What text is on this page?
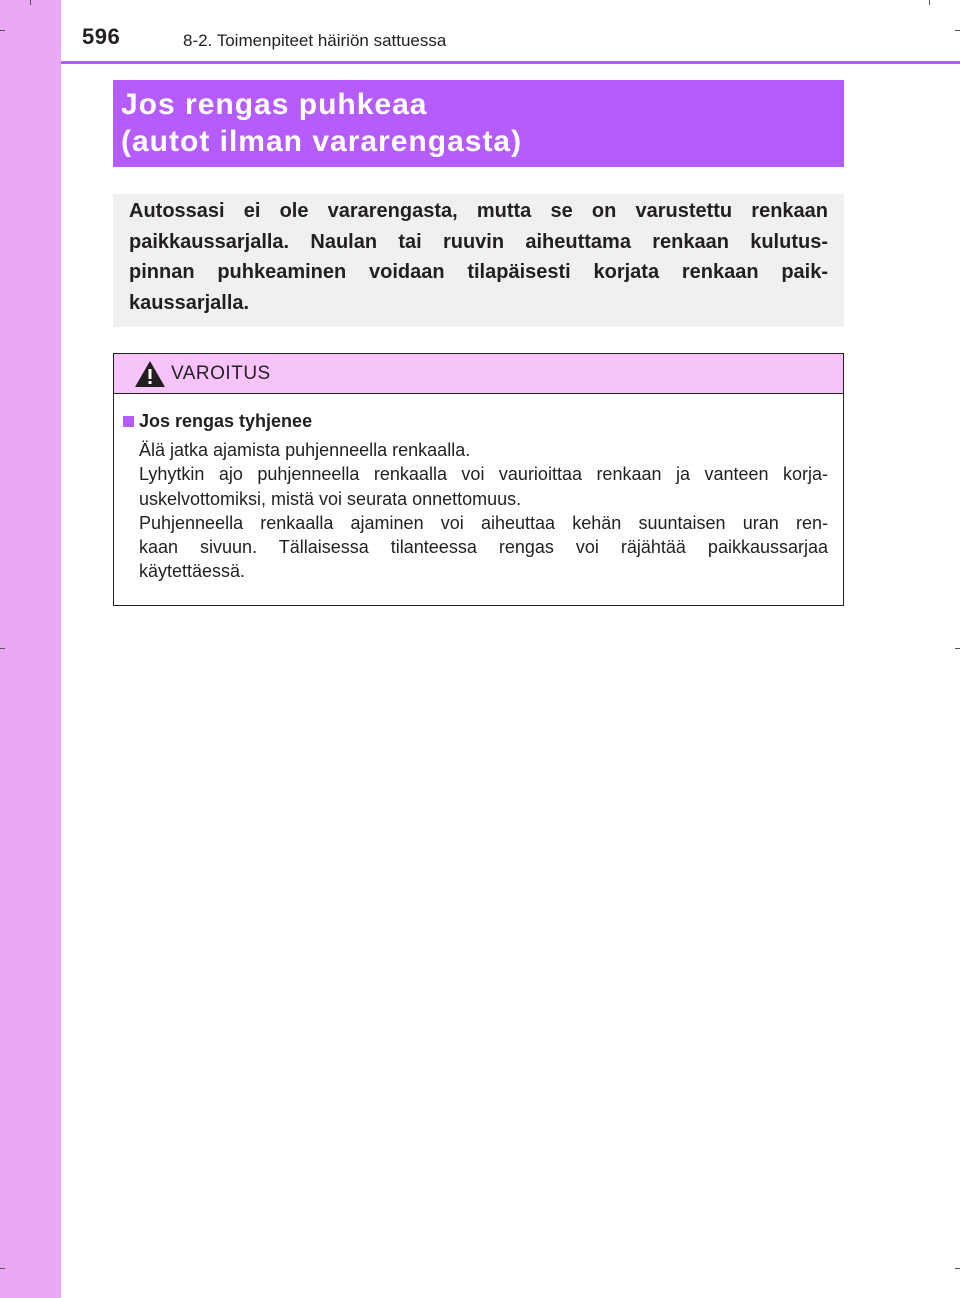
596	8-2. Toimenpiteet häiriön sattuessa
Jos rengas puhkeaa
(autot ilman vararengasta)
Autossasi ei ole vararengasta, mutta se on varustettu renkaan
paikkaussarjalla. Naulan tai ruuvin aiheuttama renkaan kulutus-
pinnan puhkeaminen voidaan tilapäisesti korjata renkaan paik-
kaussarjalla.
VAROITUS
Jos rengas tyhjenee
Älä jatka ajamista puhjenneella renkaalla.
Lyhytkin ajo puhjenneella renkaalla voi vaurioittaa renkaan ja vanteen korja-
uskelvottomiksi, mistä voi seurata onnettomuus.
Puhjenneella renkaalla ajaminen voi aiheuttaa kehän suuntaisen uran ren-
kaan sivuun. Tällaisessa tilanteessa rengas voi räjähtää paikkaussarjaa
käytettäessä.
